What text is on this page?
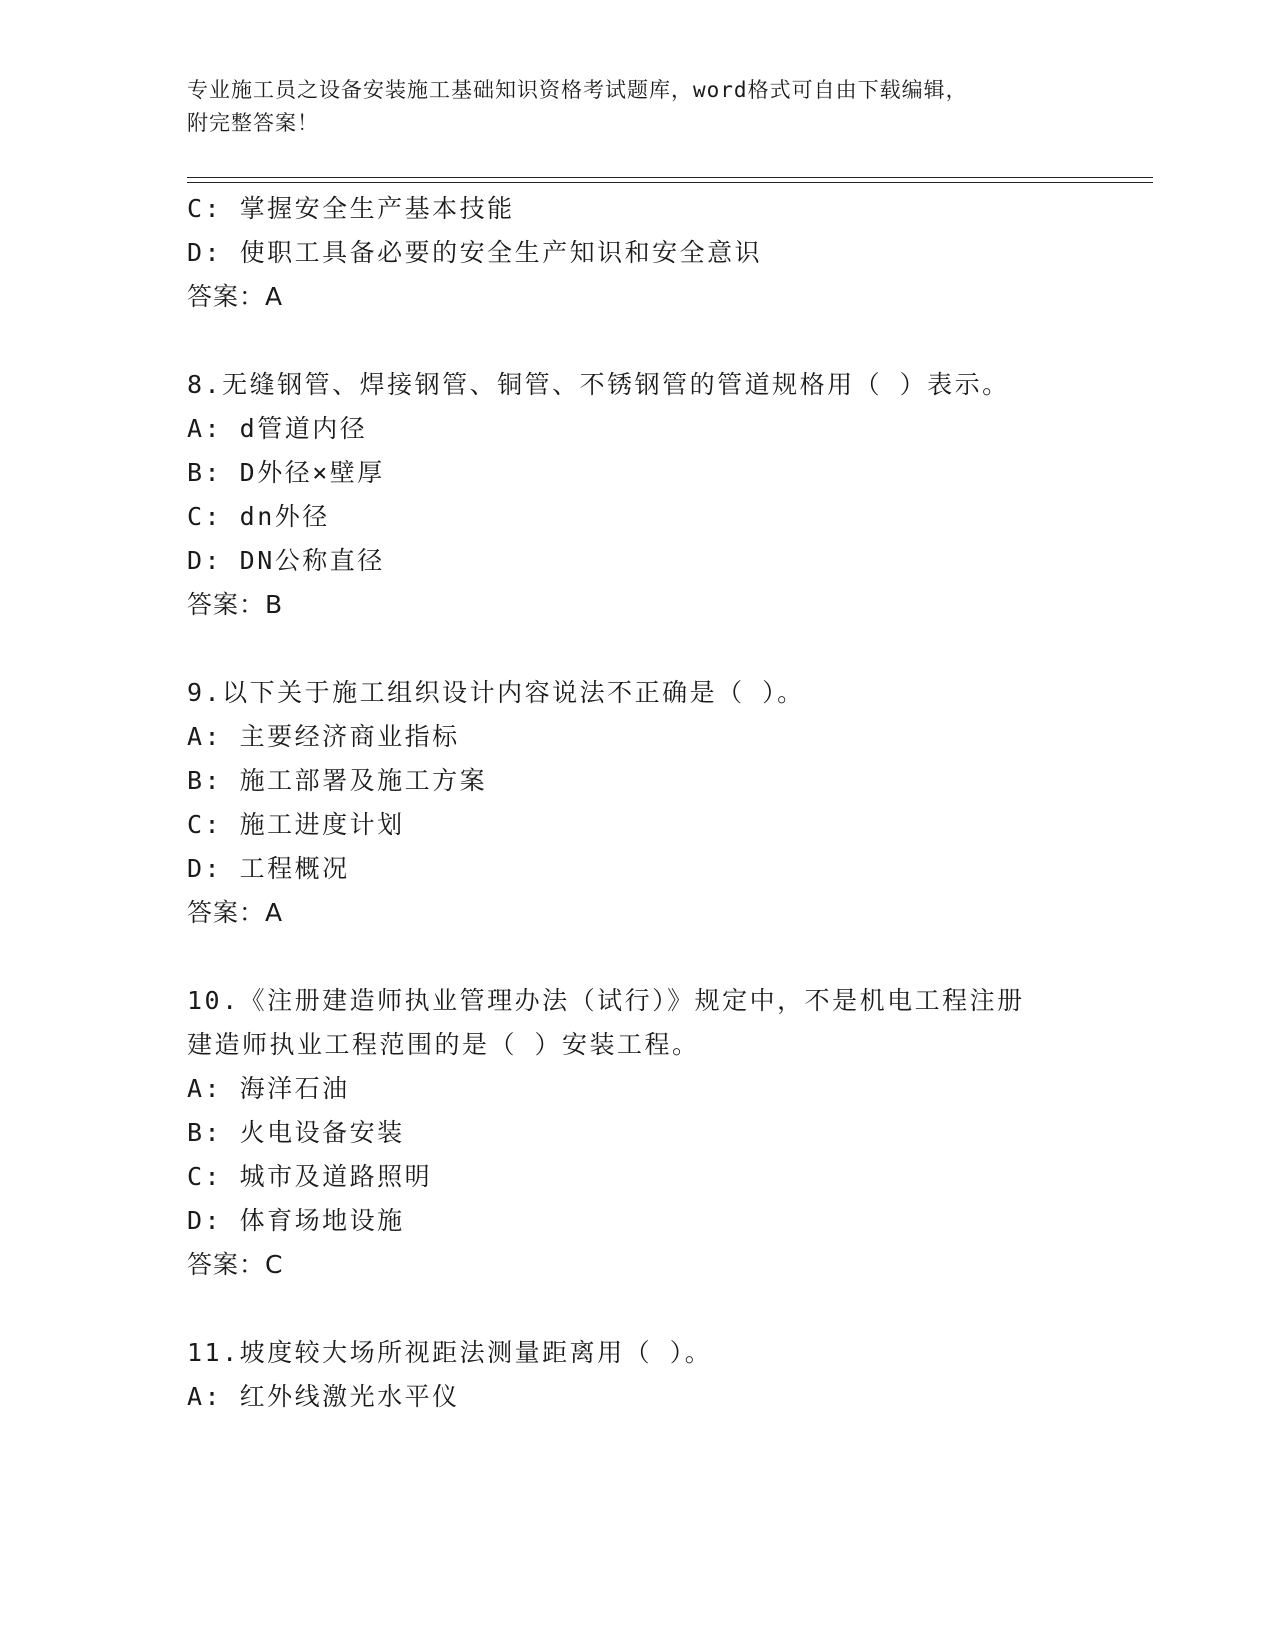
专业施工员之设备安装施工基础知识资格考试题库，word格式可自由下载编辑，
附完整答案！
C: 掌握安全生产基本技能
D: 使职工具备必要的安全生产知识和安全意识
答案：A
8.无缝钢管、焊接钢管、铜管、不锈钢管的管道规格用（ ）表示。
A: d管道内径
B: D外径×壁厚
C: dn外径
D: DN公称直径
答案：B
9.以下关于施工组织设计内容说法不正确是（ ）。
A: 主要经济商业指标
B: 施工部署及施工方案
C: 施工进度计划
D: 工程概况
答案：A
10.《注册建造师执业管理办法（试行）》规定中，不是机电工程注册
建造师执业工程范围的是（ ）安装工程。
A: 海洋石油
B: 火电设备安装
C: 城市及道路照明
D: 体育场地设施
答案：C
11.坡度较大场所视距法测量距离用（ ）。
A: 红外线激光水平仪
